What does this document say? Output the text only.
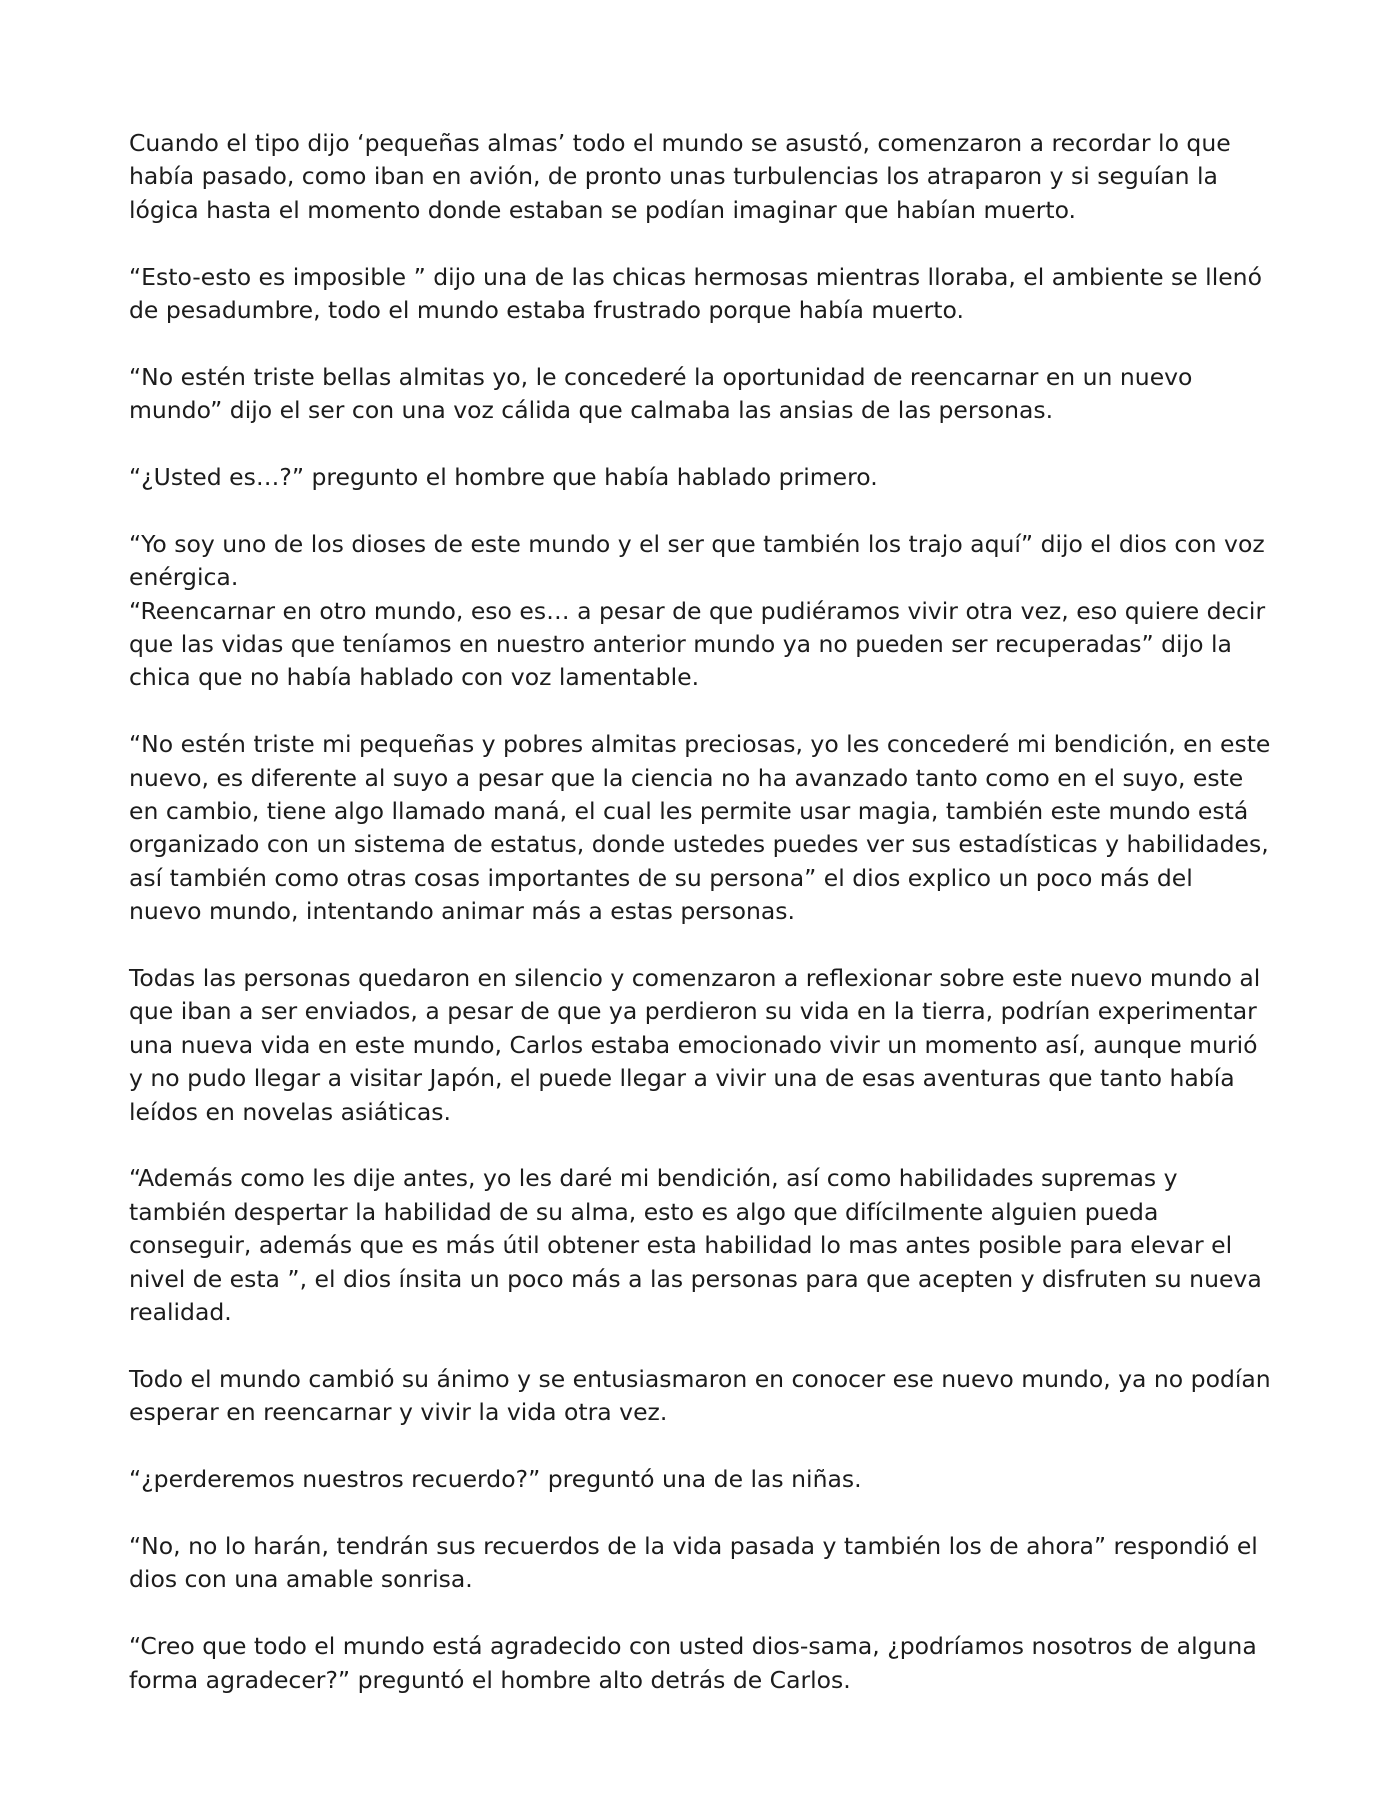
Cuando el tipo dijo ‘pequeñas almas’ todo el mundo se asustó, comenzaron a recordar lo que había pasado, como iban en avión, de pronto unas turbulencias los atraparon y si seguían la lógica hasta el momento donde estaban se podían imaginar que habían muerto.

“Esto-esto es imposible ” dijo una de las chicas hermosas mientras lloraba, el ambiente se llenó de pesadumbre, todo el mundo estaba frustrado porque había muerto.

“No estén triste bellas almitas yo, le concederé la oportunidad de reencarnar en un nuevo mundo” dijo el ser con una voz cálida que calmaba las ansias de las personas.

“¿Usted es…?” pregunto el hombre que había hablado primero.

“Yo soy uno de los dioses de este mundo y el ser que también los trajo aquí” dijo el dios con voz enérgica.

“Reencarnar en otro mundo, eso es… a pesar de que pudiéramos vivir otra vez, eso quiere decir que las vidas que teníamos en nuestro anterior mundo ya no pueden ser recuperadas” dijo la chica que no había hablado con voz lamentable.

“No estén triste mi pequeñas y pobres almitas preciosas, yo les concederé mi bendición, en este nuevo, es diferente al suyo a pesar que la ciencia no ha avanzado tanto como en el suyo, este en cambio, tiene algo llamado maná, el cual les permite usar magia, también este mundo está organizado con un sistema de estatus, donde ustedes puedes ver sus estadísticas y habilidades, así también como otras cosas importantes de su persona” el dios explico un poco más del nuevo mundo, intentando animar más a estas personas.

Todas las personas quedaron en silencio y comenzaron a reflexionar sobre este nuevo mundo al que iban a ser enviados, a pesar de que ya perdieron su vida en la tierra, podrían experimentar una nueva vida en este mundo, Carlos estaba emocionado vivir un momento así, aunque murió y no pudo llegar a visitar Japón, el puede llegar a vivir una de esas aventuras que tanto había leídos en novelas asiáticas.

“Además como les dije antes, yo les daré mi bendición, así como habilidades supremas y también despertar la habilidad de su alma, esto es algo que difícilmente alguien pueda conseguir, además que es más útil obtener esta habilidad lo mas antes posible para elevar el nivel de esta ”, el dios ínsita un poco más a las personas para que acepten y disfruten su nueva realidad.

Todo el mundo cambió su ánimo y se entusiasmaron en conocer ese nuevo mundo, ya no podían esperar en reencarnar y vivir la vida otra vez.

“¿perderemos nuestros recuerdo?” preguntó una de las niñas.

“No, no lo harán, tendrán sus recuerdos de la vida pasada y también los de ahora” respondió el dios con una amable sonrisa.

“Creo que todo el mundo está agradecido con usted dios-sama, ¿podríamos nosotros de alguna forma agradecer?” preguntó el hombre alto detrás de Carlos.
